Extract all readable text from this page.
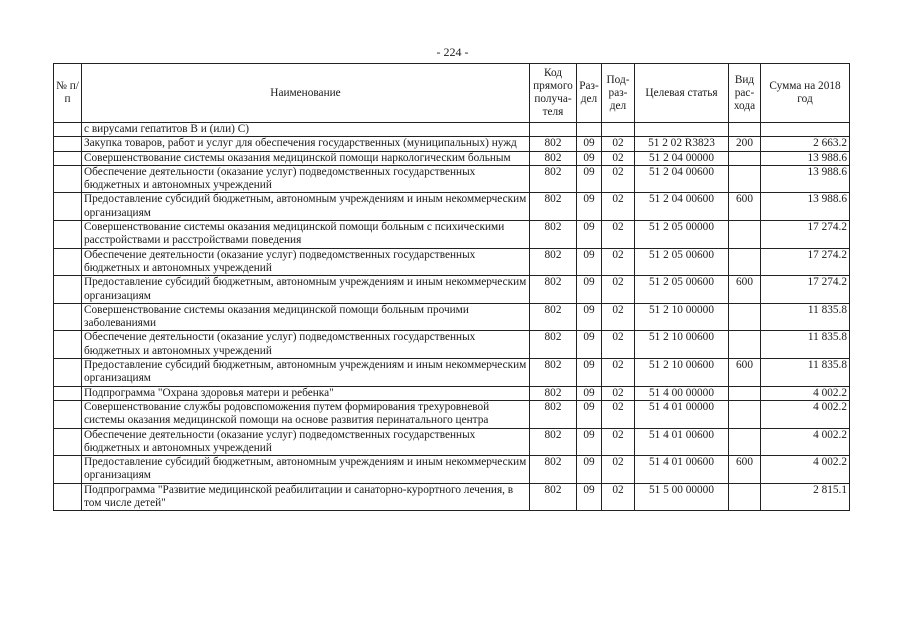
- 224 -
№ п/п	Наименование	Код прямого получа- теля	Раз- дел	Под- раз- дел	Целевая статья	Вид рас- хода	Сумма на 2018 год
	с вирусами гепатитов В и (или) С)						
	Закупка товаров, работ и услуг для обеспечения государственных (муниципальных) нужд	802	09	02	51 2 02 R3823	200	2 663.2
	Совершенствование системы оказания медицинской помощи наркологическим больным	802	09	02	51 2 04 00000		13 988.6
	Обеспечение деятельности (оказание услуг) подведомственных государственных бюджетных и автономных учреждений	802	09	02	51 2 04 00600		13 988.6
	Предоставление субсидий бюджетным, автономным учреждениям и иным некоммерческим организациям	802	09	02	51 2 04 00600	600	13 988.6
	Совершенствование системы оказания медицинской помощи больным с психическими расстройствами и расстройствами поведения	802	09	02	51 2 05 00000		17 274.2
	Обеспечение деятельности (оказание услуг) подведомственных государственных бюджетных и автономных учреждений	802	09	02	51 2 05 00600		17 274.2
	Предоставление субсидий бюджетным, автономным учреждениям и иным некоммерческим организациям	802	09	02	51 2 05 00600	600	17 274.2
	Совершенствование системы оказания медицинской помощи больным прочими заболеваниями	802	09	02	51 2 10 00000		11 835.8
	Обеспечение деятельности (оказание услуг) подведомственных государственных бюджетных и автономных учреждений	802	09	02	51 2 10 00600		11 835.8
	Предоставление субсидий бюджетным, автономным учреждениям и иным некоммерческим организациям	802	09	02	51 2 10 00600	600	11 835.8
	Подпрограмма "Охрана здоровья матери и ребенка"	802	09	02	51 4 00 00000		4 002.2
	Совершенствование службы родовспоможения путем формирования трехуровневой системы оказания медицинской помощи на основе развития перинатального центра	802	09	02	51 4 01 00000		4 002.2
	Обеспечение деятельности (оказание услуг) подведомственных государственных бюджетных и автономных учреждений	802	09	02	51 4 01 00600		4 002.2
	Предоставление субсидий бюджетным, автономным учреждениям и иным некоммерческим организациям	802	09	02	51 4 01 00600	600	4 002.2
	Подпрограмма "Развитие медицинской реабилитации и санаторно-курортного лечения, в том числе детей"	802	09	02	51 5 00 00000		2 815.1
